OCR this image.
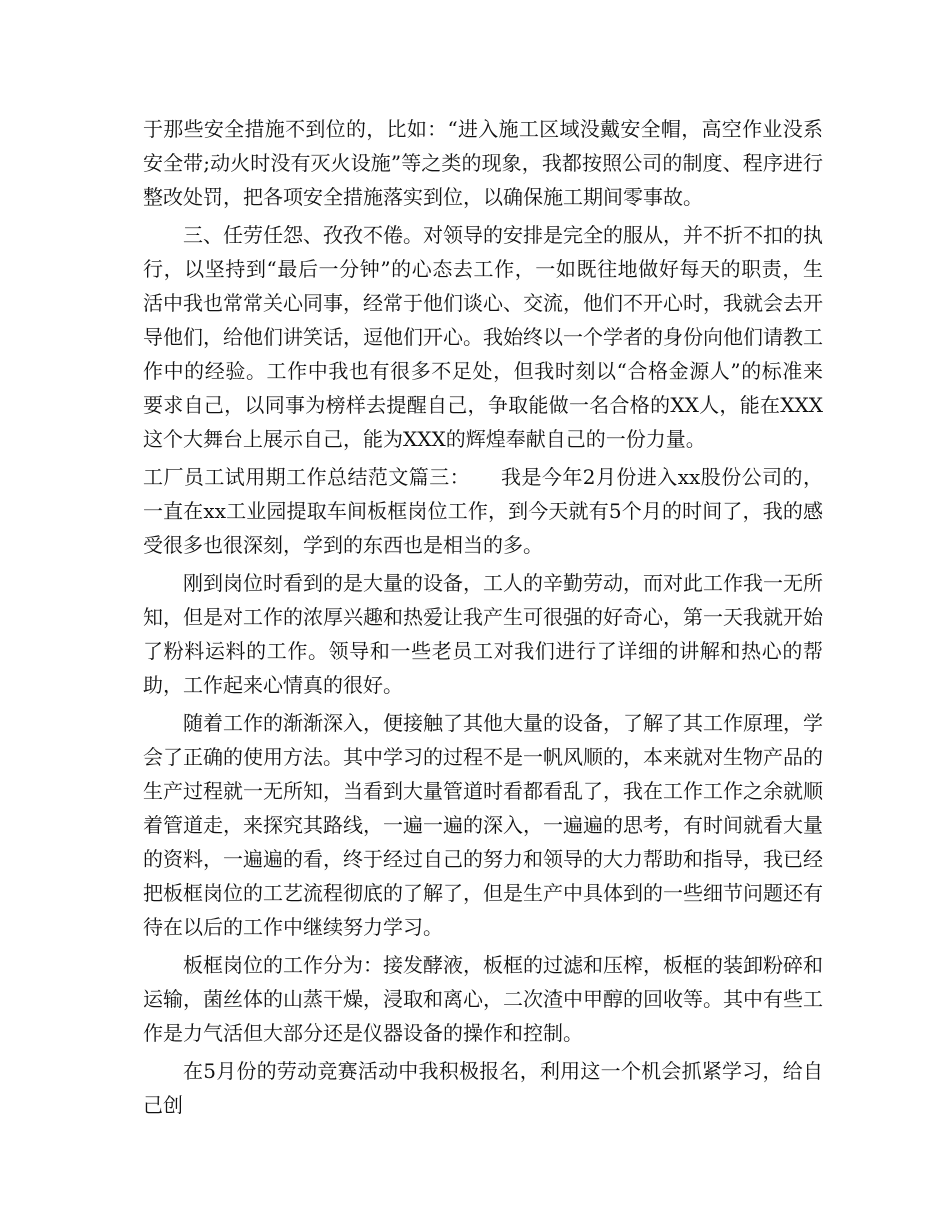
于那些安全措施不到位的，比如：“进入施工区域没戴安全帽，高空作业没系安全带;动火时没有灭火设施”等之类的现象，我都按照公司的制度、程序进行整改处罚，把各项安全措施落实到位，以确保施工期间零事故。

三、任劳任怨、孜孜不倦。对领导的安排是完全的服从，并不折不扣的执行，以坚持到“最后一分钟”的心态去工作，一如既往地做好每天的职责，生活中我也常常关心同事，经常于他们谈心、交流，他们不开心时，我就会去开导他们，给他们讲笑话，逗他们开心。我始终以一个学者的身份向他们请教工作中的经验。工作中我也有很多不足处，但我时刻以“合格金源人”的标准来要求自己，以同事为榜样去提醒自己，争取能做一名合格的XX人，能在XXX这个大舞台上展示自己，能为XXX的辉煌奉献自己的一份力量。

工厂员工试用期工作总结范文篇三：　　我是今年2月份进入xx股份公司的，一直在xx工业园提取车间板框岗位工作，到今天就有5个月的时间了，我的感受很多也很深刻，学到的东西也是相当的多。

刚到岗位时看到的是大量的设备，工人的辛勤劳动，而对此工作我一无所知，但是对工作的浓厚兴趣和热爱让我产生可很强的好奇心，第一天我就开始了粉料运料的工作。领导和一些老员工对我们进行了详细的讲解和热心的帮助，工作起来心情真的很好。

随着工作的渐渐深入，便接触了其他大量的设备，了解了其工作原理，学会了正确的使用方法。其中学习的过程不是一帆风顺的，本来就对生物产品的生产过程就一无所知，当看到大量管道时看都看乱了，我在工作工作之余就顺着管道走，来探究其路线，一遍一遍的深入，一遍遍的思考，有时间就看大量的资料，一遍遍的看，终于经过自己的努力和领导的大力帮助和指导，我已经把板框岗位的工艺流程彻底的了解了，但是生产中具体到的一些细节问题还有待在以后的工作中继续努力学习。

板框岗位的工作分为：接发酵液，板框的过滤和压榨，板框的装卸粉碎和运输，菌丝体的山蒸干燥，浸取和离心，二次渣中甲醇的回收等。其中有些工作是力气活但大部分还是仪器设备的操作和控制。

在5月份的劳动竞赛活动中我积极报名，利用这一个机会抓紧学习，给自己创
